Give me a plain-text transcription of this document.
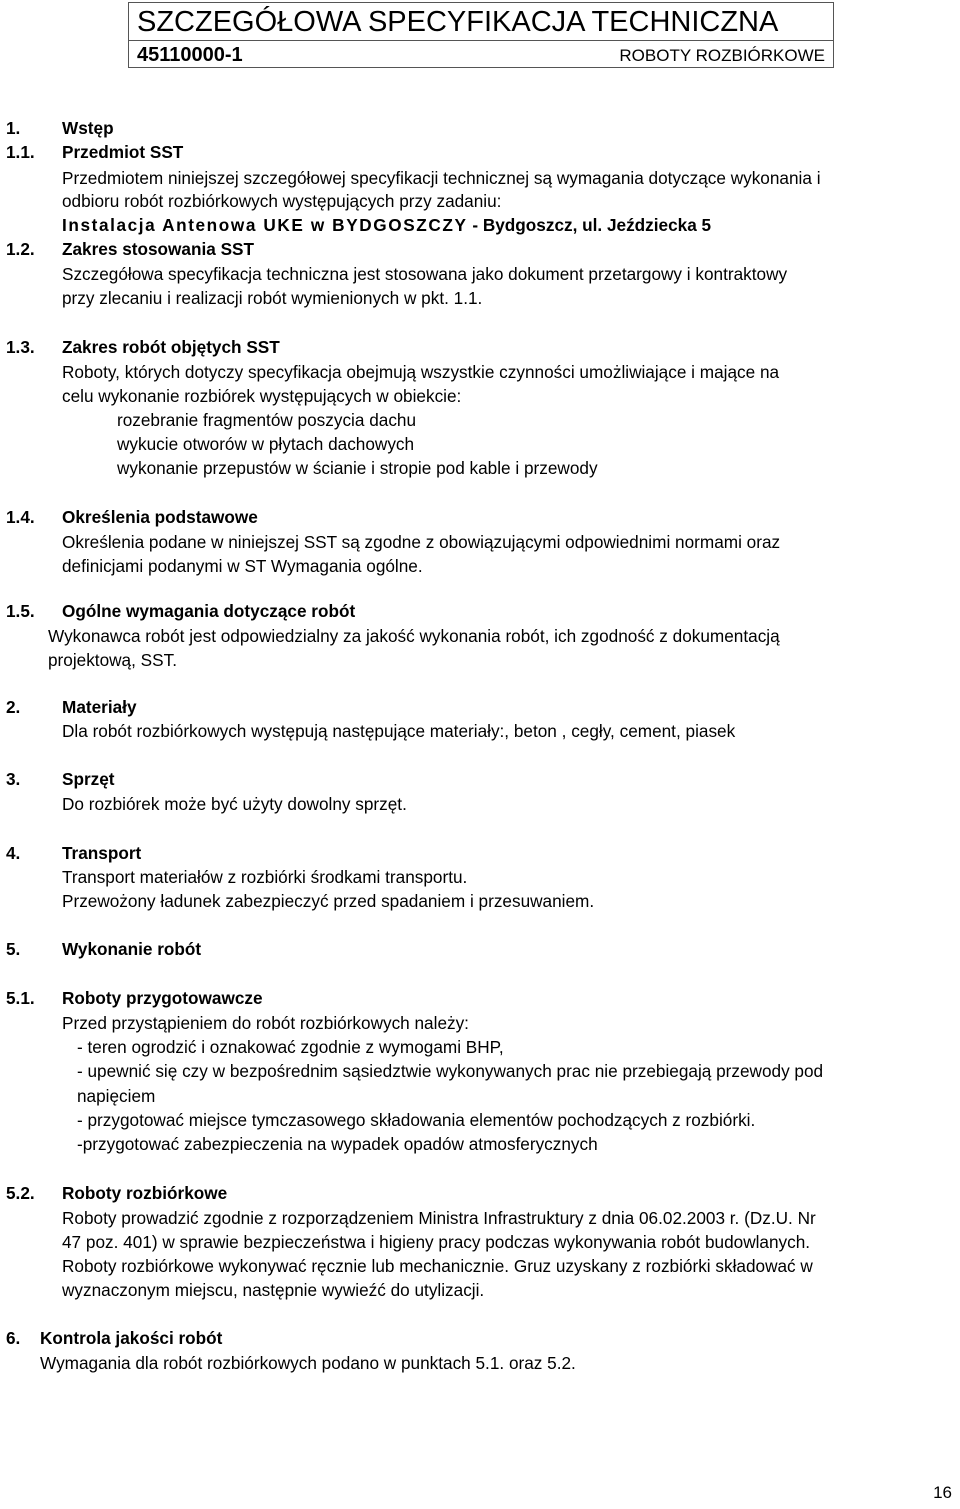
SZCZEGÓŁOWA SPECYFIKACJA TECHNICZNA
45110000-1	ROBOTY ROZBIÓRKOWE
1. Wstęp
1.1. Przedmiot SST
Przedmiotem niniejszej szczegółowej specyfikacji technicznej są wymagania dotyczące wykonania i
odbioru robót rozbiórkowych występujących przy zadaniu:
Instalacja Antenowa UKE w BYDGOSZCZY - Bydgoszcz, ul. Jeździecka 5
1.2. Zakres stosowania SST
Szczegółowa specyfikacja techniczna jest stosowana jako dokument przetargowy i kontraktowy
przy zlecaniu i realizacji robót wymienionych w pkt. 1.1.
1.3. Zakres robót objętych SST
Roboty, których dotyczy specyfikacja obejmują wszystkie czynności umożliwiające i mające na
celu wykonanie rozbiórek występujących w obiekcie:
rozebranie fragmentów poszycia dachu
wykucie otworów w płytach dachowych
wykonanie przepustów w ścianie i stropie pod kable i przewody
1.4. Określenia podstawowe
Określenia podane w niniejszej SST są zgodne z obowiązującymi odpowiednimi normami oraz
definicjami podanymi w ST Wymagania ogólne.
1.5. Ogólne wymagania dotyczące robót
Wykonawca robót jest odpowiedzialny za jakość wykonania robót, ich zgodność z dokumentacją
projektową, SST.
2. Materiały
Dla robót rozbiórkowych występują następujące materiały:, beton , cegły, cement, piasek
3. Sprzęt
Do rozbiórek może być użyty dowolny sprzęt.
4. Transport
Transport materiałów z rozbiórki środkami transportu.
Przewożony ładunek zabezpieczyć przed spadaniem i przesuwaniem.
5. Wykonanie robót
5.1. Roboty przygotowawcze
Przed przystąpieniem do robót rozbiórkowych należy:
- teren ogrodzić i oznakować zgodnie z wymogami BHP,
- upewnić się czy w bezpośrednim sąsiedztwie wykonywanych prac nie przebiegają przewody pod
napięciem
- przygotować miejsce tymczasowego składowania elementów pochodzących z rozbiórki.
-przygotować zabezpieczenia na wypadek opadów atmosferycznych
5.2. Roboty rozbiórkowe
Roboty prowadzić zgodnie z rozporządzeniem Ministra Infrastruktury z dnia 06.02.2003 r. (Dz.U. Nr
47 poz. 401) w sprawie bezpieczeństwa i higieny pracy podczas wykonywania robót budowlanych.
Roboty rozbiórkowe wykonywać ręcznie lub mechanicznie. Gruz uzyskany z rozbiórki składować w
wyznaczonym miejscu, następnie wywieźć do utylizacji.
6. Kontrola jakości robót
Wymagania dla robót rozbiórkowych podano w punktach 5.1. oraz 5.2.
16
